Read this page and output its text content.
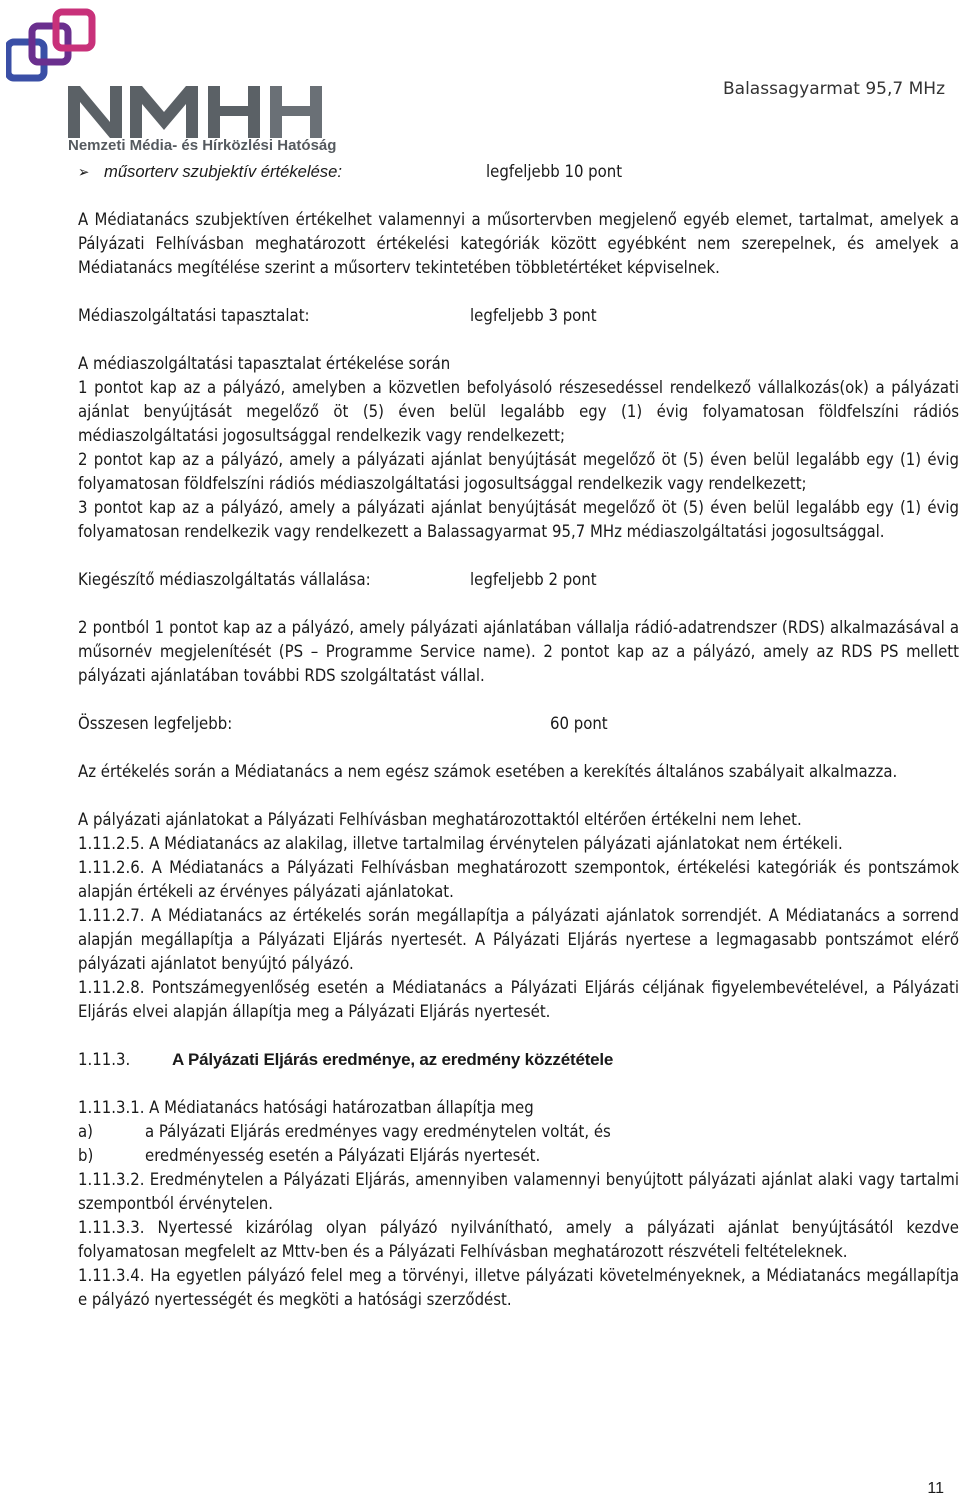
Nemzeti Média- és Hírközlési Hatóság
Balassagyarmat 95,7 MHz
➢ műsorterv szubjektív értékelése:	legfeljebb 10 pont

A Médiatanács szubjektíven értékelhet valamennyi a műsortervben megjelenő egyéb elemet, tartalmat, amelyek a Pályázati Felhívásban meghatározott értékelési kategóriák között egyébként nem szerepelnek, és amelyek a Médiatanács megítélése szerint a műsorterv tekintetében többletértéket képviselnek.

Médiaszolgáltatási tapasztalat:	legfeljebb 3 pont

A médiaszolgáltatási tapasztalat értékelése során

1 pontot kap az a pályázó, amelyben a közvetlen befolyásoló részesedéssel rendelkező vállalkozás(ok) a pályázati ajánlat benyújtását megelőző öt (5) éven belül legalább egy (1) évig folyamatosan földfelszíni rádiós médiaszolgáltatási jogosultsággal rendelkezik vagy rendelkezett;

2 pontot kap az a pályázó, amely a pályázati ajánlat benyújtását megelőző öt (5) éven belül legalább egy (1) évig folyamatosan földfelszíni rádiós médiaszolgáltatási jogosultsággal rendelkezik vagy rendelkezett;

3 pontot kap az a pályázó, amely a pályázati ajánlat benyújtását megelőző öt (5) éven belül legalább egy (1) évig folyamatosan rendelkezik vagy rendelkezett a Balassagyarmat 95,7 MHz médiaszolgáltatási jogosultsággal.

Kiegészítő médiaszolgáltatás vállalása:	legfeljebb 2 pont

2 pontból 1 pontot kap az a pályázó, amely pályázati ajánlatában vállalja rádió-adatrendszer (RDS) alkalmazásával a műsornév megjelenítését (PS – Programme Service name). 2 pontot kap az a pályázó, amely az RDS PS mellett pályázati ajánlatában további RDS szolgáltatást vállal.

Összesen legfeljebb:	60 pont

Az értékelés során a Médiatanács a nem egész számok esetében a kerekítés általános szabályait alkalmazza.

A pályázati ajánlatokat a Pályázati Felhívásban meghatározottaktól eltérően értékelni nem lehet.

1.11.2.5. A Médiatanács az alakilag, illetve tartalmilag érvénytelen pályázati ajánlatokat nem értékeli.

1.11.2.6. A Médiatanács a Pályázati Felhívásban meghatározott szempontok, értékelési kategóriák és pontszámok alapján értékeli az érvényes pályázati ajánlatokat.

1.11.2.7. A Médiatanács az értékelés során megállapítja a pályázati ajánlatok sorrendjét. A Médiatanács a sorrend alapján megállapítja a Pályázati Eljárás nyertesét. A Pályázati Eljárás nyertese a legmagasabb pontszámot elérő pályázati ajánlatot benyújtó pályázó.

1.11.2.8. Pontszámegyenlőség esetén a Médiatanács a Pályázati Eljárás céljának figyelembevételével, a Pályázati Eljárás elvei alapján állapítja meg a Pályázati Eljárás nyertesét.

1.11.3.	A Pályázati Eljárás eredménye, az eredmény közzététele

1.11.3.1. A Médiatanács hatósági határozatban állapítja meg

a)	a Pályázati Eljárás eredményes vagy eredménytelen voltát, és
b)	eredményesség esetén a Pályázati Eljárás nyertesét.

1.11.3.2. Eredménytelen a Pályázati Eljárás, amennyiben valamennyi benyújtott pályázati ajánlat alaki vagy tartalmi szempontból érvénytelen.

1.11.3.3. Nyertessé kizárólag olyan pályázó nyilvánítható, amely a pályázati ajánlat benyújtásától kezdve folyamatosan megfelelt az Mttv-ben és a Pályázati Felhívásban meghatározott részvételi feltételeknek.

1.11.3.4. Ha egyetlen pályázó felel meg a törvényi, illetve pályázati követelményeknek, a Médiatanács megállapítja e pályázó nyertességét és megköti a hatósági szerződést.

11
